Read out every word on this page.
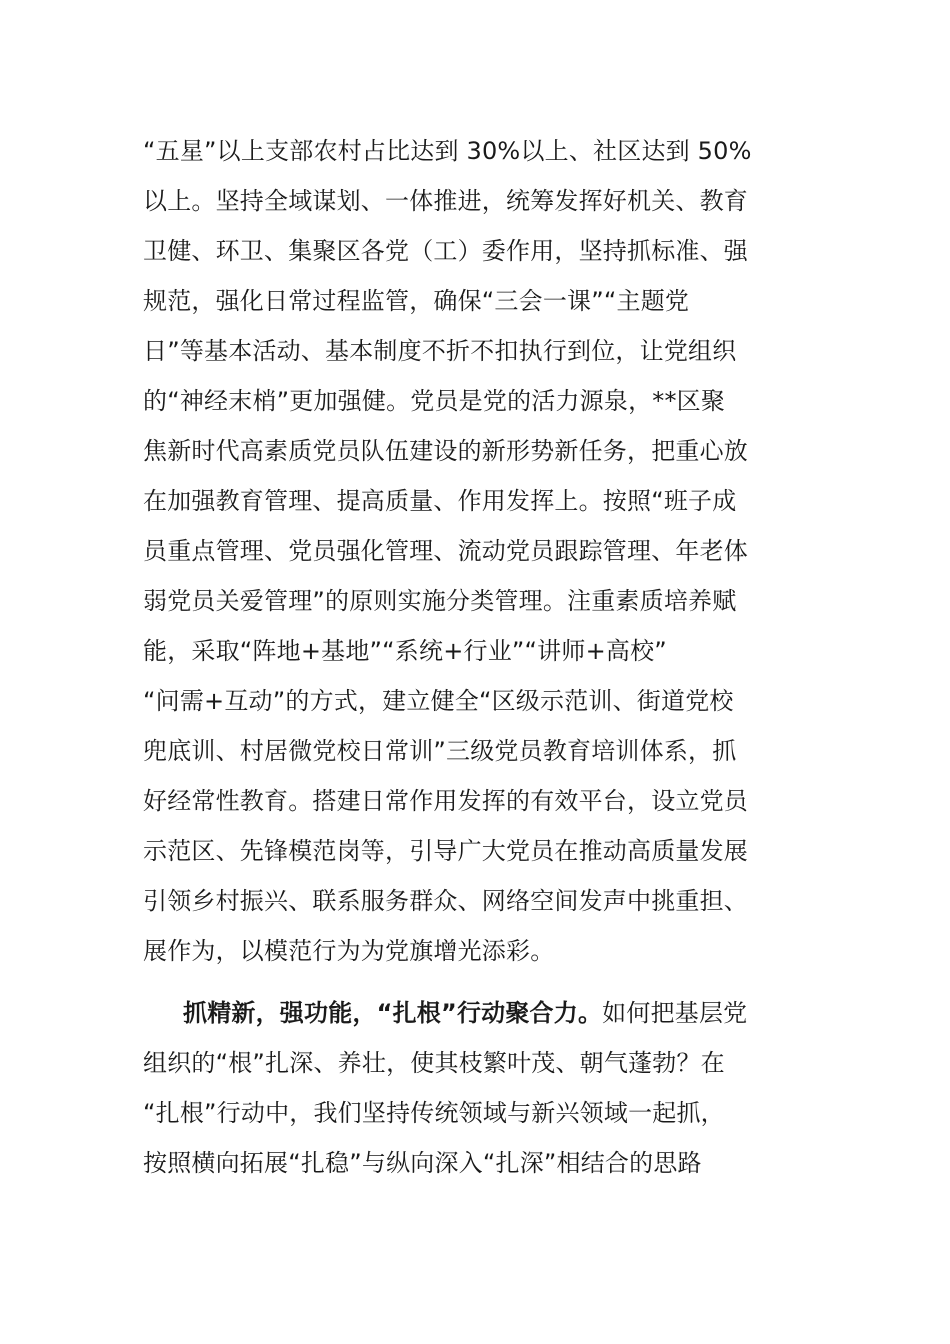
“五星”以上支部农村占比达到 30%以上、社区达到 50%
以上。坚持全域谋划、一体推进，统筹发挥好机关、教育
卫健、环卫、集聚区各党（工）委作用，坚持抓标准、强
规范，强化日常过程监管，确保“三会一课”“主题党
日”等基本活动、基本制度不折不扣执行到位，让党组织
的“神经末梢”更加强健。党员是党的活力源泉，**区聚
焦新时代高素质党员队伍建设的新形势新任务，把重心放
在加强教育管理、提高质量、作用发挥上。按照“班子成
员重点管理、党员强化管理、流动党员跟踪管理、年老体
弱党员关爱管理”的原则实施分类管理。注重素质培养赋
能，采取“阵地+基地”“系统+行业”“讲师+高校”
“问需+互动”的方式，建立健全“区级示范训、街道党校
兜底训、村居微党校日常训”三级党员教育培训体系，抓
好经常性教育。搭建日常作用发挥的有效平台，设立党员
示范区、先锋模范岗等，引导广大党员在推动高质量发展
引领乡村振兴、联系服务群众、网络空间发声中挑重担、
展作为，以模范行为为党旗增光添彩。
抓精新，强功能，“扎根”行动聚合力。如何把基层党
组织的“根”扎深、养壮，使其枝繁叶茂、朝气蓬勃？在
“扎根”行动中，我们坚持传统领域与新兴领域一起抓，
按照横向拓展“扎稳”与纵向深入“扎深”相结合的思路
